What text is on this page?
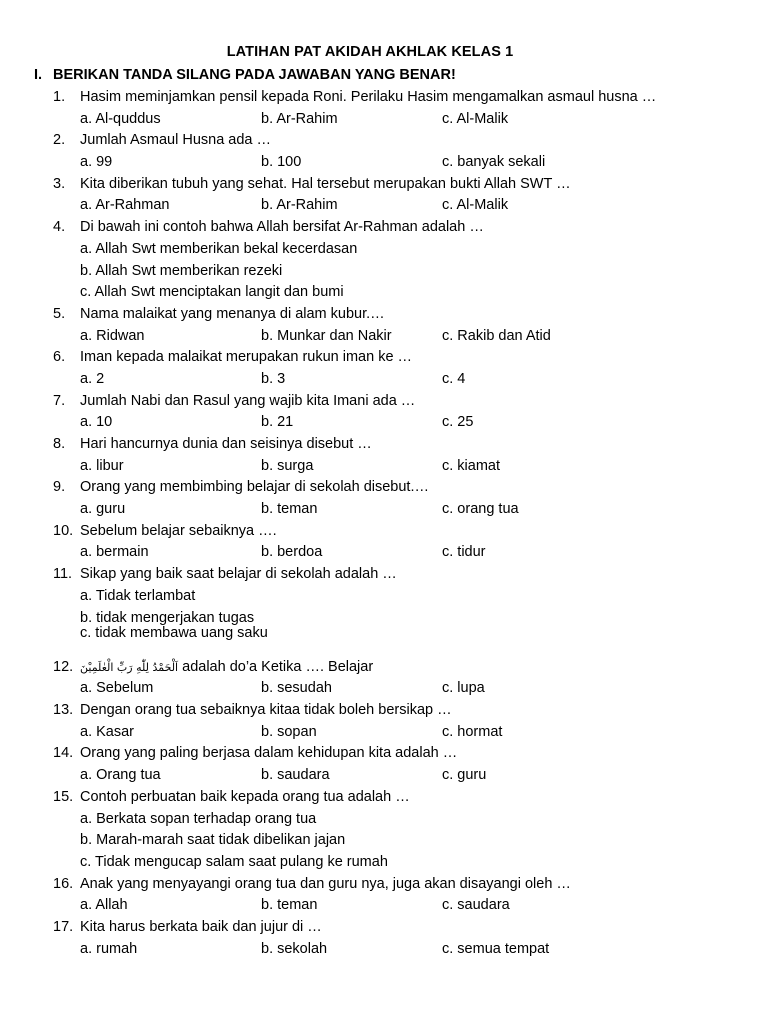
LATIHAN PAT AKIDAH AKHLAK KELAS 1
I. BERIKAN TANDA SILANG PADA JAWABAN YANG BENAR!
1. Hasim meminjamkan pensil kepada Roni. Perilaku Hasim mengamalkan asmaul husna …
a. Al-quddus	b. Ar-Rahim	c. Al-Malik
2. Jumlah Asmaul Husna ada …
a. 99	b. 100	c. banyak sekali
3. Kita diberikan tubuh yang sehat. Hal tersebut merupakan bukti Allah SWT …
a. Ar-Rahman	b. Ar-Rahim	c. Al-Malik
4. Di bawah ini contoh bahwa Allah bersifat Ar-Rahman adalah …
a. Allah Swt memberikan bekal kecerdasan
b. Allah Swt memberikan rezeki
c. Allah Swt menciptakan langit dan bumi
5. Nama malaikat yang menanya di alam kubur.…
a. Ridwan	b. Munkar dan Nakir	c. Rakib dan Atid
6. Iman kepada malaikat merupakan rukun iman ke …
a. 2	b. 3	c. 4
7. Jumlah Nabi dan Rasul yang wajib kita Imani ada …
a. 10	b. 21	c. 25
8. Hari hancurnya dunia dan seisinya disebut …
a. libur	b. surga	c. kiamat
9. Orang yang membimbing belajar di sekolah disebut.…
a. guru	b. teman	c. orang tua
10. Sebelum belajar sebaiknya ….
a. bermain	b. berdoa	c. tidur
11. Sikap yang baik saat belajar di sekolah adalah …
a. Tidak terlambat
b. tidak mengerjakan tugas
c. tidak membawa uang saku
12. اَلْحَمْدُ لِلّٰهِ رَبِّ الْعٰلَمِيْنَ adalah do’a Ketika …. Belajar
a. Sebelum	b. sesudah	c. lupa
13. Dengan orang tua sebaiknya kitaa tidak boleh bersikap …
a. Kasar	b. sopan	c. hormat
14. Orang yang paling berjasa dalam kehidupan kita adalah …
a. Orang tua	b. saudara	c. guru
15. Contoh perbuatan baik kepada orang tua adalah …
a. Berkata sopan terhadap orang tua
b. Marah-marah saat tidak dibelikan jajan
c. Tidak mengucap salam saat pulang ke rumah
16. Anak yang menyayangi orang tua dan guru nya, juga akan disayangi oleh …
a. Allah	b. teman	c. saudara
17. Kita harus berkata baik dan jujur di …
a. rumah	b. sekolah	c. semua tempat
